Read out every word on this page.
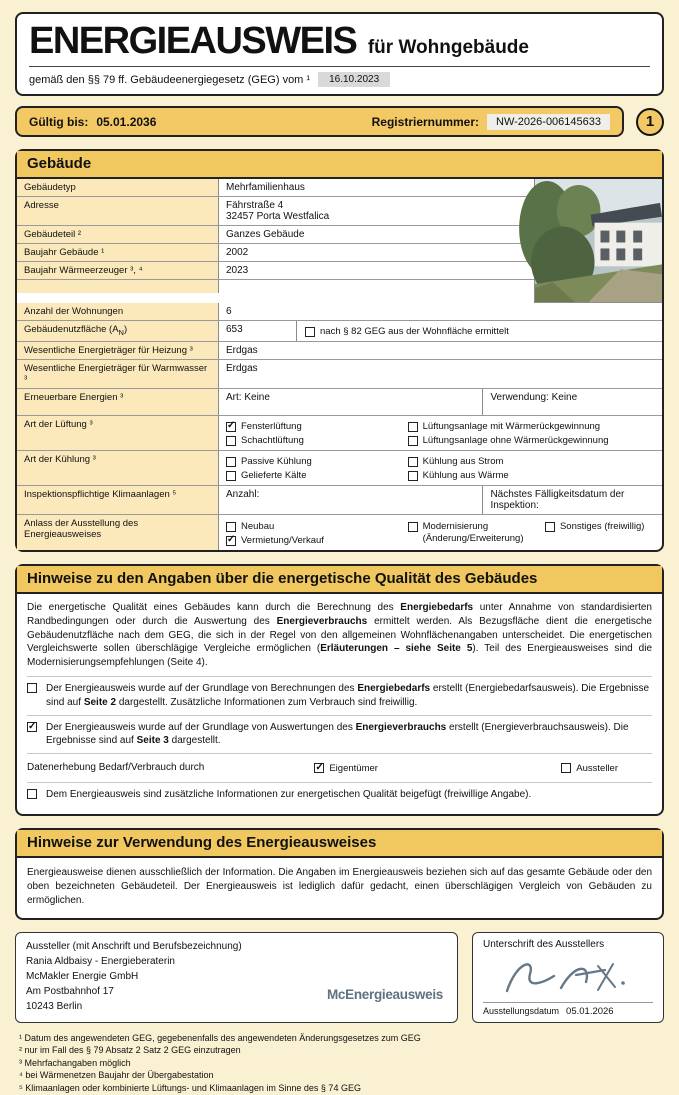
ENERGIEAUSWEIS für Wohngebäude
gemäß den §§ 79 ff. Gebäudeenergiegesetz (GEG) vom ¹	16.10.2023
Gültig bis: 05.01.2036	Registriernummer:	NW-2026-006145633	1
Gebäude
Gebäudetyp	Mehrfamilienhaus
Adresse	Fährstraße 4
32457 Porta Westfalica
Gebäudeteil ²	Ganzes Gebäude
Baujahr Gebäude ¹	2002
Baujahr Wärmeerzeuger ³, ⁴	2023
Anzahl der Wohnungen	6
Gebäudenutzfläche $(A_N)$	653	nach § 82 GEG aus der Wohnfläche ermittelt
Wesentliche Energieträger für Heizung ³	Erdgas
Wesentliche Energieträger für Warmwasser ³
Erdgas
Erneuerbare Energien ³	Art: Keine	Verwendung: Keine
Art der Lüftung ³ ✓	Fensterlüftung
Schachtlüftung
Lüftungsanlage mit Wärmerückgewinnung
Lüftungsanlage ohne Wärmerückgewinnung
Art der Kühlung ³	Passive Kühlung
Gelieferte Kälte
Kühlung aus Strom
Kühlung aus Wärme
Inspektionspflichtige Klimaanlagen ⁵	Anzahl:	Nächstes Fälligkeitsdatum der Inspektion:
Anlass der Ausstellung des Energieausweises
Neubau
✓
Vermietung/Verkauf
Modernisierung
(Änderung/Erweiterung)
Sonstiges (freiwillig)
Hinweise zu den Angaben über die energetische Qualität des Gebäudes
Die energetische Qualität eines Gebäudes kann durch die Berechnung des Energiebedarfs unter Annahme von standardisierten Randbedingungen oder durch die Auswertung des Energieverbrauchs ermittelt werden. Als Bezugsfläche dient die energetische Gebäudenutzfläche nach dem GEG, die sich in der Regel von den allgemeinen Wohnflächenangaben unterscheidet. Die energetischen Vergleichswerte sollen überschlägige Vergleiche ermöglichen (Erläuterungen – siehe Seite 5). Teil des Energieausweises sind die Modernisierungsempfehlungen (Seite 4).
Der Energieausweis wurde auf der Grundlage von Berechnungen des Energiebedarfs erstellt (Energiebedarfsausweis). Die Ergebnisse sind auf Seite 2 dargestellt. Zusätzliche Informationen zum Verbrauch sind freiwillig.
✓
Der Energieausweis wurde auf der Grundlage von Auswertungen des Energieverbrauchs erstellt (Energieverbrauchsausweis). Die Ergebnisse sind auf Seite 3 dargestellt.
Datenerhebung Bedarf/Verbrauch durch ✓	Eigentümer	Aussteller
Dem Energieausweis sind zusätzliche Informationen zur energetischen Qualität beigefügt (freiwillige Angabe).
Hinweise zur Verwendung des Energieausweises
Energieausweise dienen ausschließlich der Information. Die Angaben im Energieausweis beziehen sich auf das gesamte Gebäude oder den oben bezeichneten Gebäudeteil. Der Energieausweis ist lediglich dafür gedacht, einen überschlägigen Vergleich von Gebäuden zu ermöglichen.
Aussteller (mit Anschrift und Berufsbezeichnung)
Rania Aldbaisy - Energieberaterin
McMakler Energie GmbH
Am Postbahnhof 17
10243 Berlin
McEnergieausweis
Unterschrift des Ausstellers
Ausstellungsdatum 05.01.2026
¹ Datum des angewendeten GEG, gegebenenfalls des angewendeten Änderungsgesetzes zum GEG
² nur im Fall des § 79 Absatz 2 Satz 2 GEG einzutragen
³ Mehrfachangaben möglich
⁴ bei Wärmenetzen Baujahr der Übergabestation
⁵ Klimaanlagen oder kombinierte Lüftungs- und Klimaanlagen im Sinne des § 74 GEG
